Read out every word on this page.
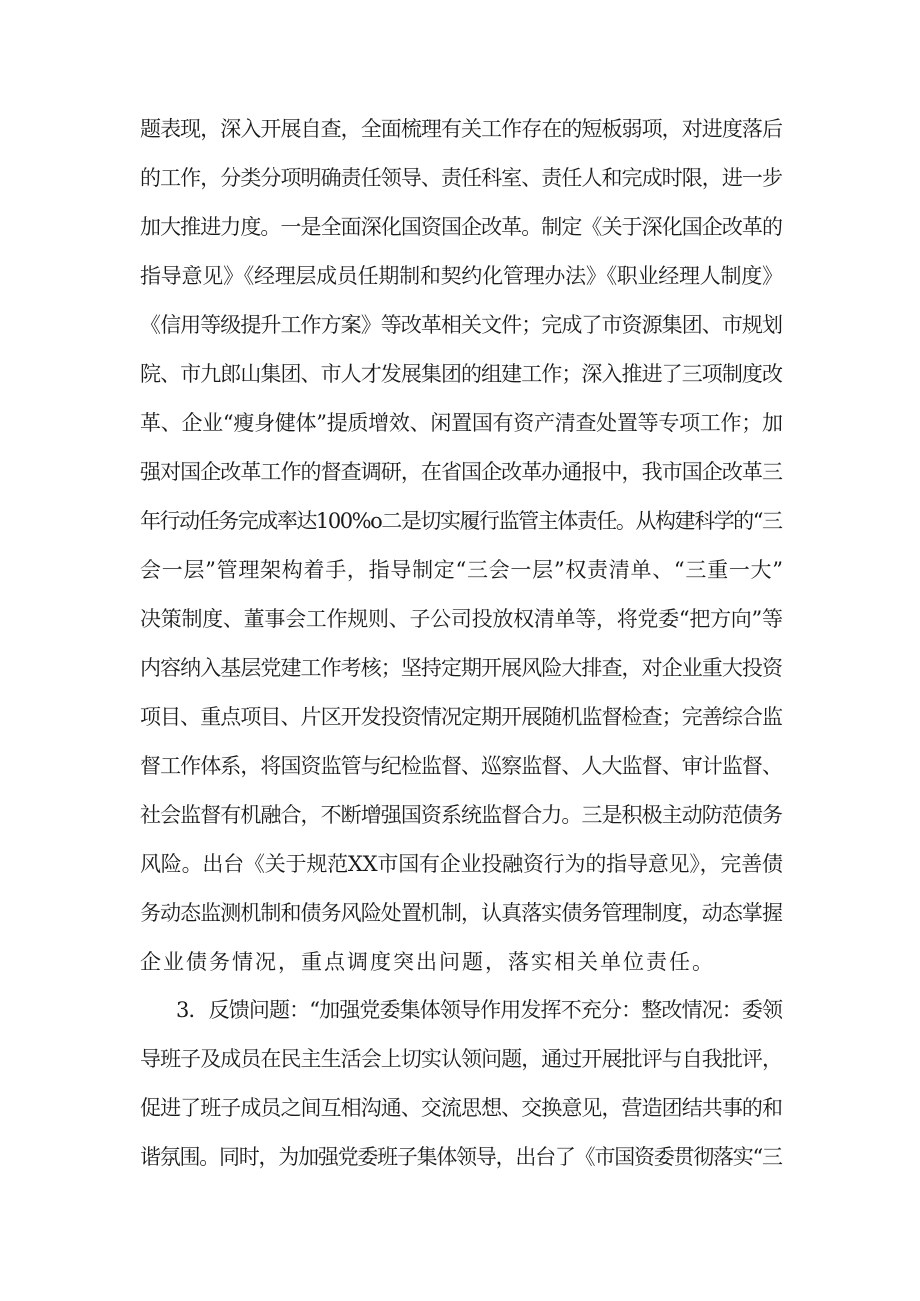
题表现，深入开展自查，全面梳理有关工作存在的短板弱项，对进度落后
的工作，分类分项明确责任领导、责任科室、责任人和完成时限，进一步
加大推进力度。一是全面深化国资国企改革。制定《关于深化国企改革的
指导意见》《经理层成员任期制和契约化管理办法》《职业经理人制度》
《信用等级提升工作方案》等改革相关文件；完成了市资源集团、市规划
院、市九郎山集团、市人才发展集团的组建工作；深入推进了三项制度改
革、企业“瘦身健体”提质增效、闲置国有资产清查处置等专项工作；加
强对国企改革工作的督查调研，在省国企改革办通报中，我市国企改革三
年行动任务完成率达100%o二是切实履行监管主体责任。从构建科学的“三
会一层”管理架构着手，指导制定“三会一层”权责清单、“三重一大”
决策制度、董事会工作规则、子公司投放权清单等，将党委“把方向”等
内容纳入基层党建工作考核；坚持定期开展风险大排查，对企业重大投资
项目、重点项目、片区开发投资情况定期开展随机监督检查；完善综合监
督工作体系，将国资监管与纪检监督、巡察监督、人大监督、审计监督、
社会监督有机融合，不断增强国资系统监督合力。三是积极主动防范债务
风险。出台《关于规范XX市国有企业投融资行为的指导意见》，完善债
务动态监测机制和债务风险处置机制，认真落实债务管理制度，动态掌握
企业债务情况，重点调度突出问题，落实相关单位责任。
3．反馈问题：“加强党委集体领导作用发挥不充分：整改情况：委领
导班子及成员在民主生活会上切实认领问题，通过开展批评与自我批评，
促进了班子成员之间互相沟通、交流思想、交换意见，营造团结共事的和
谐氛围。同时，为加强党委班子集体领导，出台了《市国资委贯彻落实“三
